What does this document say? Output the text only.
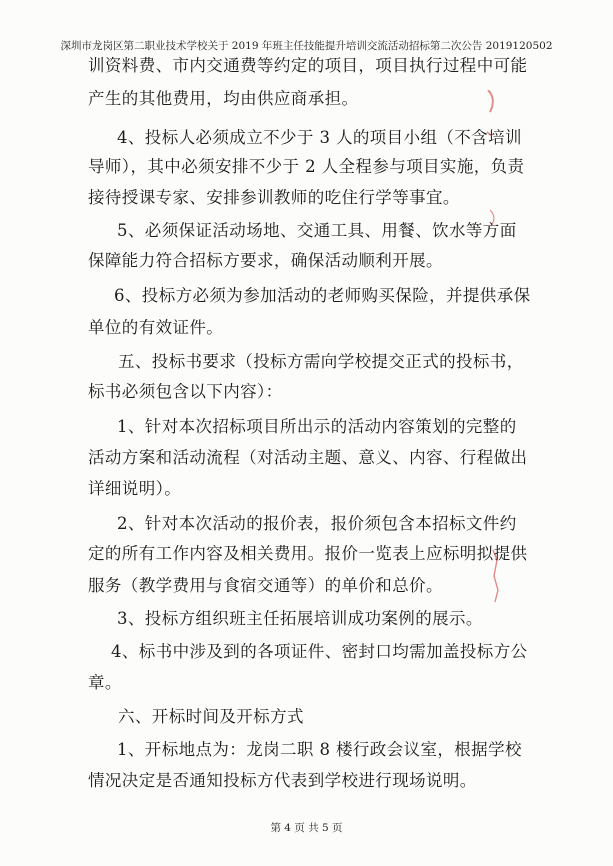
深圳市龙岗区第二职业技术学校关于 2019 年班主任技能提升培训交流活动招标第二次公告 2019120502
训资料费、市内交通费等约定的项目，项目执行过程中可能
产生的其他费用，均由供应商承担。
4、投标人必须成立不少于 3 人的项目小组（不含培训
导师），其中必须安排不少于 2 人全程参与项目实施，负责
接待授课专家、安排参训教师的吃住行学等事宜。
5、必须保证活动场地、交通工具、用餐、饮水等方面
保障能力符合招标方要求，确保活动顺利开展。
6、投标方必须为参加活动的老师购买保险，并提供承保
单位的有效证件。
五、投标书要求（投标方需向学校提交正式的投标书，
标书必须包含以下内容）：
1、针对本次招标项目所出示的活动内容策划的完整的
活动方案和活动流程（对活动主题、意义、内容、行程做出
详细说明）。
2、针对本次活动的报价表，报价须包含本招标文件约
定的所有工作内容及相关费用。报价一览表上应标明拟提供
服务（教学费用与食宿交通等）的单价和总价。
3、投标方组织班主任拓展培训成功案例的展示。
4、标书中涉及到的各项证件、密封口均需加盖投标方公
章。
六、开标时间及开标方式
1、开标地点为：龙岗二职 8 楼行政会议室，根据学校
情况决定是否通知投标方代表到学校进行现场说明。
第 4 页 共 5 页
